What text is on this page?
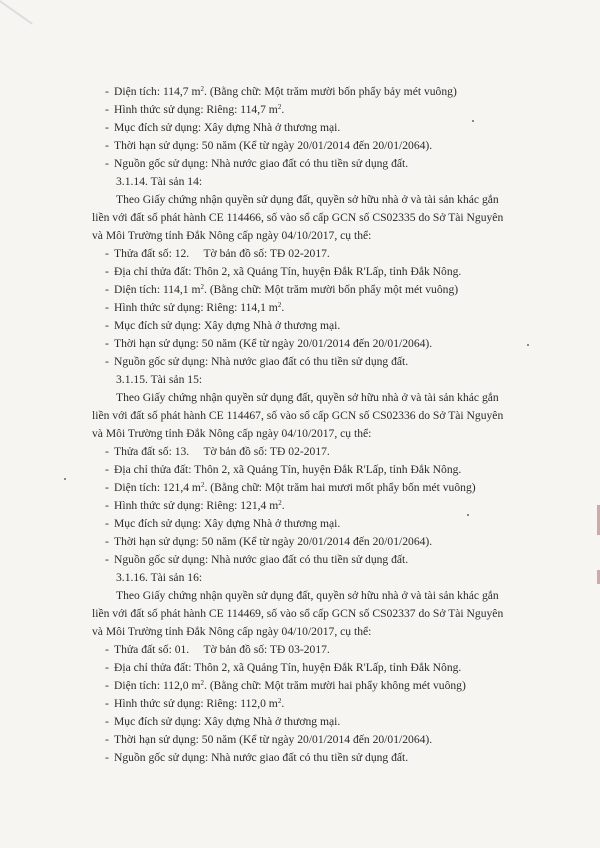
- Diện tích: 114,7 $m^2$. (Bằng chữ: Một trăm mười bốn phẩy bảy mét vuông)
- Hình thức sử dụng: Riêng: 114,7 $m^2$.
- Mục đích sử dụng: Xây dựng Nhà ở thương mại.
- Thời hạn sử dụng: 50 năm (Kể từ ngày 20/01/2014 đến 20/01/2064).
- Nguồn gốc sử dụng: Nhà nước giao đất có thu tiền sử dụng đất.
3.1.14. Tài sản 14:
Theo Giấy chứng nhận quyền sử dụng đất, quyền sở hữu nhà ở và tài sản khác gắn
liền với đất số phát hành CE 114466, số vào sổ cấp GCN số CS02335 do Sở Tài Nguyên
và Môi Trường tỉnh Đắk Nông cấp ngày 04/10/2017, cụ thể:
- Thửa đất số: 12.     Tờ bản đồ số: TĐ 02-2017.
- Địa chỉ thửa đất: Thôn 2, xã Quảng Tín, huyện Đắk R'Lấp, tỉnh Đắk Nông.
- Diện tích: 114,1 $m^2$. (Bằng chữ: Một trăm mười bốn phẩy một mét vuông)
- Hình thức sử dụng: Riêng: 114,1 $m^2$.
- Mục đích sử dụng: Xây dựng Nhà ở thương mại.
- Thời hạn sử dụng: 50 năm (Kể từ ngày 20/01/2014 đến 20/01/2064).
- Nguồn gốc sử dụng: Nhà nước giao đất có thu tiền sử dụng đất.
3.1.15. Tài sản 15:
Theo Giấy chứng nhận quyền sử dụng đất, quyền sở hữu nhà ở và tài sản khác gắn
liền với đất số phát hành CE 114467, số vào sổ cấp GCN số CS02336 do Sở Tài Nguyên
và Môi Trường tỉnh Đắk Nông cấp ngày 04/10/2017, cụ thể:
- Thửa đất số: 13.     Tờ bản đồ số: TĐ 02-2017.
- Địa chỉ thửa đất: Thôn 2, xã Quảng Tín, huyện Đắk R'Lấp, tỉnh Đắk Nông.
- Diện tích: 121,4 $m^2$. (Bằng chữ: Một trăm hai mươi mốt phẩy bốn mét vuông)
- Hình thức sử dụng: Riêng: 121,4 $m^2$.
- Mục đích sử dụng: Xây dựng Nhà ở thương mại.
- Thời hạn sử dụng: 50 năm (Kể từ ngày 20/01/2014 đến 20/01/2064).
- Nguồn gốc sử dụng: Nhà nước giao đất có thu tiền sử dụng đất.
3.1.16. Tài sản 16:
Theo Giấy chứng nhận quyền sử dụng đất, quyền sở hữu nhà ở và tài sản khác gắn
liền với đất số phát hành CE 114469, số vào sổ cấp GCN số CS02337 do Sở Tài Nguyên
và Môi Trường tỉnh Đắk Nông cấp ngày 04/10/2017, cụ thể:
- Thửa đất số: 01.     Tờ bản đồ số: TĐ 03-2017.
- Địa chỉ thửa đất: Thôn 2, xã Quảng Tín, huyện Đắk R'Lấp, tỉnh Đắk Nông.
- Diện tích: 112,0 $m^2$. (Bằng chữ: Một trăm mười hai phẩy không mét vuông)
- Hình thức sử dụng: Riêng: 112,0 $m^2$.
- Mục đích sử dụng: Xây dựng Nhà ở thương mại.
- Thời hạn sử dụng: 50 năm (Kể từ ngày 20/01/2014 đến 20/01/2064).
- Nguồn gốc sử dụng: Nhà nước giao đất có thu tiền sử dụng đất.
